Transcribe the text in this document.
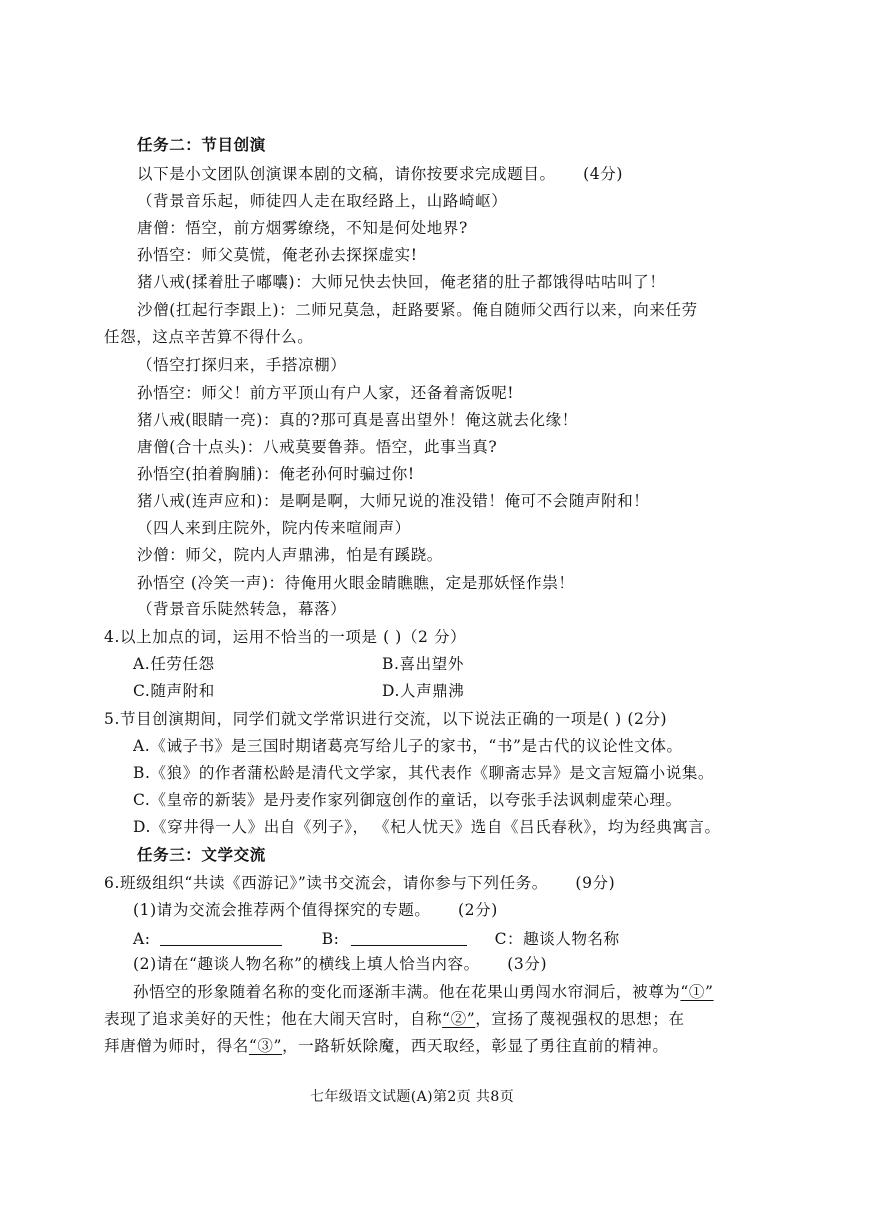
任务二：节目创演
以下是小文团队创演课本剧的文稿，请你按要求完成题目。 (4分)
（背景音乐起，师徒四人走在取经路上，山路崎岖）
唐僧：悟空，前方烟雾缭绕，不知是何处地界?
孙悟空：师父莫慌，俺老孙去探探虚实!
猪八戒(揉着肚子嘟囔)：大师兄快去快回，俺老猪的肚子都饿得咕咕叫了！
沙僧(扛起行李跟上)：二师兄莫急，赶路要紧。俺自随师父西行以来，向来任劳
任怨，这点辛苦算不得什么。
（悟空打探归来，手搭凉棚）
孙悟空：师父！前方平顶山有户人家，还备着斋饭呢!
猪八戒(眼睛一亮)：真的?那可真是喜出望外！俺这就去化缘！
唐僧(合十点头)：八戒莫要鲁莽。悟空，此事当真?
孙悟空(拍着胸脯)：俺老孙何时骗过你!
猪八戒(连声应和)：是啊是啊，大师兄说的准没错！俺可不会随声附和！
（四人来到庄院外，院内传来喧闹声）
沙僧：师父，院内人声鼎沸，怕是有蹊跷。
孙悟空 (冷笑一声)：待俺用火眼金睛瞧瞧，定是那妖怪作祟！
（背景音乐陡然转急，幕落）
4.以上加点的词，运用不恰当的一项是 ( )（2 分）
A.任劳任怨	B.喜出望外
C.随声附和	D.人声鼎沸
5.节目创演期间，同学们就文学常识进行交流，以下说法正确的一项是( ) (2分)
A.《诫子书》是三国时期诸葛亮写给儿子的家书，“书”是古代的议论性文体。
B.《狼》的作者蒲松龄是清代文学家，其代表作《聊斋志异》是文言短篇小说集。
C.《皇帝的新装》是丹麦作家列御寇创作的童话，以夸张手法讽刺虚荣心理。
D.《穿井得一人》出自《列子》， 《杞人忧天》选自《吕氏春秋》，均为经典寓言。
任务三：文学交流
6.班级组织“共读《西游记》”读书交流会，请你参与下列任务。 (9分)
(1)请为交流会推荐两个值得探究的专题。 (2分)
A:	B:	C：趣谈人物名称
(2)请在“趣谈人物名称”的横线上填人恰当内容。 (3分)
孙悟空的形象随着名称的变化而逐渐丰满。他在花果山勇闯水帘洞后，被尊为“①”
表现了追求美好的天性；他在大闹天宫时，自称“②”，宣扬了蔑视强权的思想；在
拜唐僧为师时，得名“③”，一路斩妖除魔，西天取经，彰显了勇往直前的精神。
七年级语文试题(A)第2页 共8页
